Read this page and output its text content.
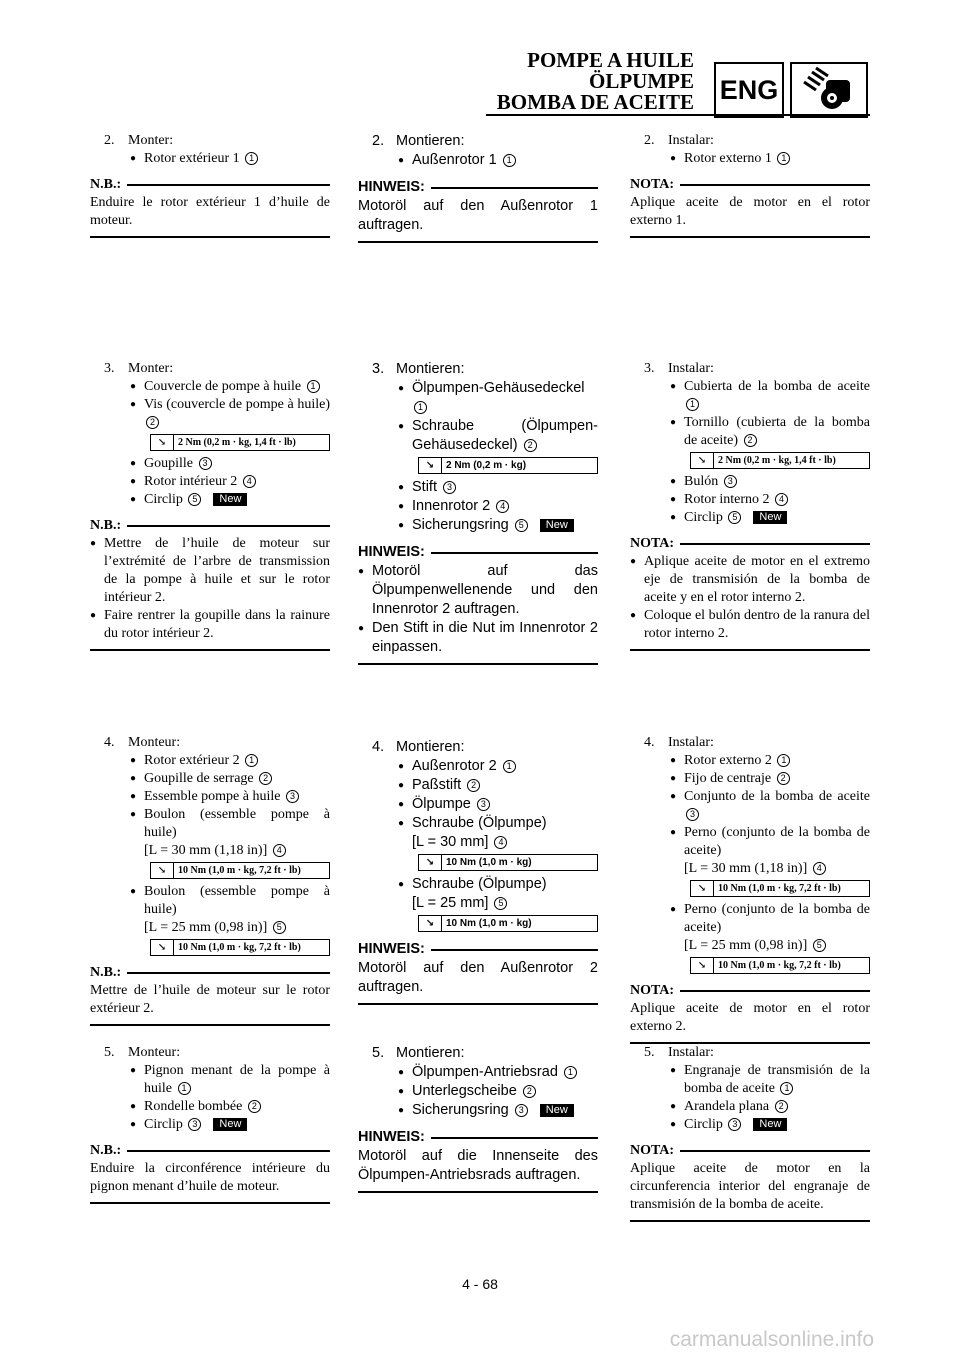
POMPE A HUILE
ÖLPUMPE
BOMBA DE ACEITE ENG
2. Monter:
● Rotor extérieur 1 1
N.B.:
Enduire le rotor extérieur 1 d’huile de moteur.
2. Montieren:
● Außenrotor 1 1
HINWEIS:
Motoröl auf den Außenrotor 1 auftragen.
2. Instalar:
● Rotor externo 1 1
NOTA:
Aplique aceite de motor en el rotor externo 1.
3. Monter:
● Couvercle de pompe à huile 1
● Vis (couvercle de pompe à huile) 2
↘	2 Nm (0,2 m · kg, 1,4 ft · lb)
● Goupille 3
● Rotor intérieur 2 4
● Circlip 5 New
N.B.:
● Mettre de l’huile de moteur sur l’extrémité de l’arbre de transmission de la pompe à huile et sur le rotor intérieur 2.
● Faire rentrer la goupille dans la rainure du rotor intérieur 2.
3. Montieren:
● Ölpumpen-Gehäusedeckel 1
● Schraube (Ölpumpen-Gehäusedeckel) 2
↘	2 Nm (0,2 m · kg)
● Stift 3
● Innenrotor 2 4
● Sicherungsring 5 New
HINWEIS:
● Motoröl auf das Ölpumpenwellenende und den Innenrotor 2 auftragen.
● Den Stift in die Nut im Innenrotor 2 einpassen.
3. Instalar:
● Cubierta de la bomba de aceite 1
● Tornillo (cubierta de la bomba de aceite) 2
↘	2 Nm (0,2 m · kg, 1,4 ft · lb)
● Bulón 3
● Rotor interno 2 4
● Circlip 5 New
NOTA:
● Aplique aceite de motor en el extremo eje de transmisión de la bomba de aceite y en el rotor interno 2.
● Coloque el bulón dentro de la ranura del rotor interno 2.
4. Monteur:
● Rotor extérieur 2 1
● Goupille de serrage 2
● Essemble pompe à huile 3
● Boulon (essemble pompe à huile)
[L = 30 mm (1,18 in)] 4
↘	10 Nm (1,0 m · kg, 7,2 ft · lb)
● Boulon (essemble pompe à huile)
[L = 25 mm (0,98 in)] 5
↘	10 Nm (1,0 m · kg, 7,2 ft · lb)
N.B.:
Mettre de l’huile de moteur sur le rotor extérieur 2.
4. Montieren:
● Außenrotor 2 1
● Paßstift 2
● Ölpumpe 3
● Schraube (Ölpumpe)
[L = 30 mm] 4
↘	10 Nm (1,0 m · kg)
● Schraube (Ölpumpe)
[L = 25 mm] 5
↘	10 Nm (1,0 m · kg)
HINWEIS:
Motoröl auf den Außenrotor 2 auftragen.
4. Instalar:
● Rotor externo 2 1
● Fijo de centraje 2
● Conjunto de la bomba de aceite 3
● Perno (conjunto de la bomba de aceite)
[L = 30 mm (1,18 in)] 4
↘	10 Nm (1,0 m · kg, 7,2 ft · lb)
● Perno (conjunto de la bomba de aceite)
[L = 25 mm (0,98 in)] 5
↘	10 Nm (1,0 m · kg, 7,2 ft · lb)
NOTA:
Aplique aceite de motor en el rotor externo 2.
5. Monteur:
● Pignon menant de la pompe à huile 1
● Rondelle bombée 2
● Circlip 3 New
N.B.:
Enduire la circonférence intérieure du pignon menant d’huile de moteur.
5. Montieren:
● Ölpumpen-Antriebsrad 1
● Unterlegscheibe 2
● Sicherungsring 3 New
HINWEIS:
Motoröl auf die Innenseite des Ölpumpen-Antriebsrads auftragen.
5. Instalar:
● Engranaje de transmisión de la bomba de aceite 1
● Arandela plana 2
● Circlip 3 New
NOTA:
Aplique aceite de motor en la circunferencia interior del engranaje de transmisión de la bomba de aceite.
4 - 68
carmanualsonline.info
